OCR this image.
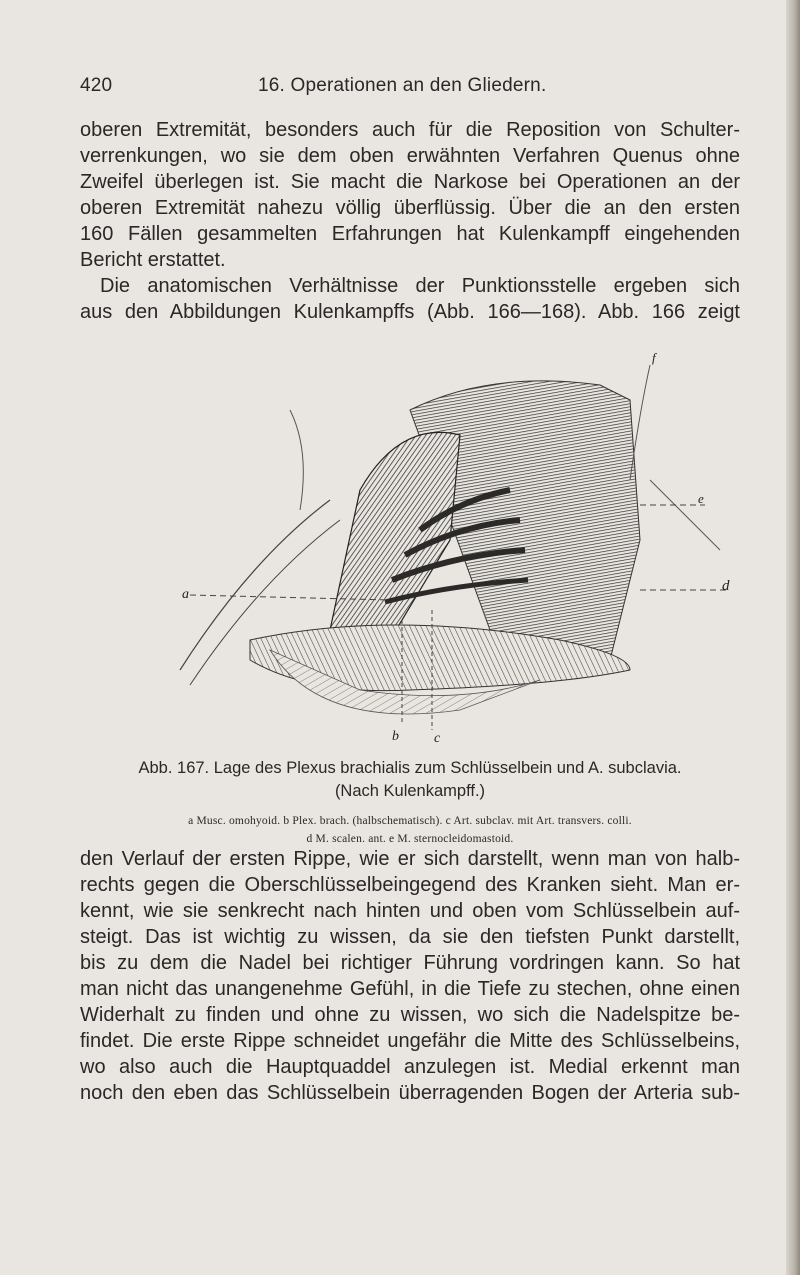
420	16. Operationen an den Gliedern.
oberen Extremität, besonders auch für die Reposition von Schulter-
verrenkungen, wo sie dem oben erwähnten Verfahren Quenus ohne
Zweifel überlegen ist. Sie macht die Narkose bei Operationen an der
oberen Extremität nahezu völlig überflüssig. Über die an den ersten
160 Fällen gesammelten Erfahrungen hat Kulenkampff eingehenden
Bericht erstattet.
Die anatomischen Verhältnisse der Punktionsstelle ergeben sich
aus den Abbildungen Kulenkampffs (Abb. 166—168). Abb. 166 zeigt
a
b	c
d
e
f
Abb. 167. Lage des Plexus brachialis zum Schlüsselbein und A. subclavia.
(Nach Kulenkampff.)
a Musc. omohyoid. b Plex. brach. (halbschematisch). c Art. subclav. mit Art. transvers. colli.
d M. scalen. ant. e M. sternocleidomastoid.
den Verlauf der ersten Rippe, wie er sich darstellt, wenn man von halb-
rechts gegen die Oberschlüsselbeingegend des Kranken sieht. Man er-
kennt, wie sie senkrecht nach hinten und oben vom Schlüsselbein auf-
steigt. Das ist wichtig zu wissen, da sie den tiefsten Punkt darstellt,
bis zu dem die Nadel bei richtiger Führung vordringen kann. So hat
man nicht das unangenehme Gefühl, in die Tiefe zu stechen, ohne einen
Widerhalt zu finden und ohne zu wissen, wo sich die Nadelspitze be-
findet. Die erste Rippe schneidet ungefähr die Mitte des Schlüsselbeins,
wo also auch die Hauptquaddel anzulegen ist. Medial erkennt man
noch den eben das Schlüsselbein überragenden Bogen der Arteria sub-
